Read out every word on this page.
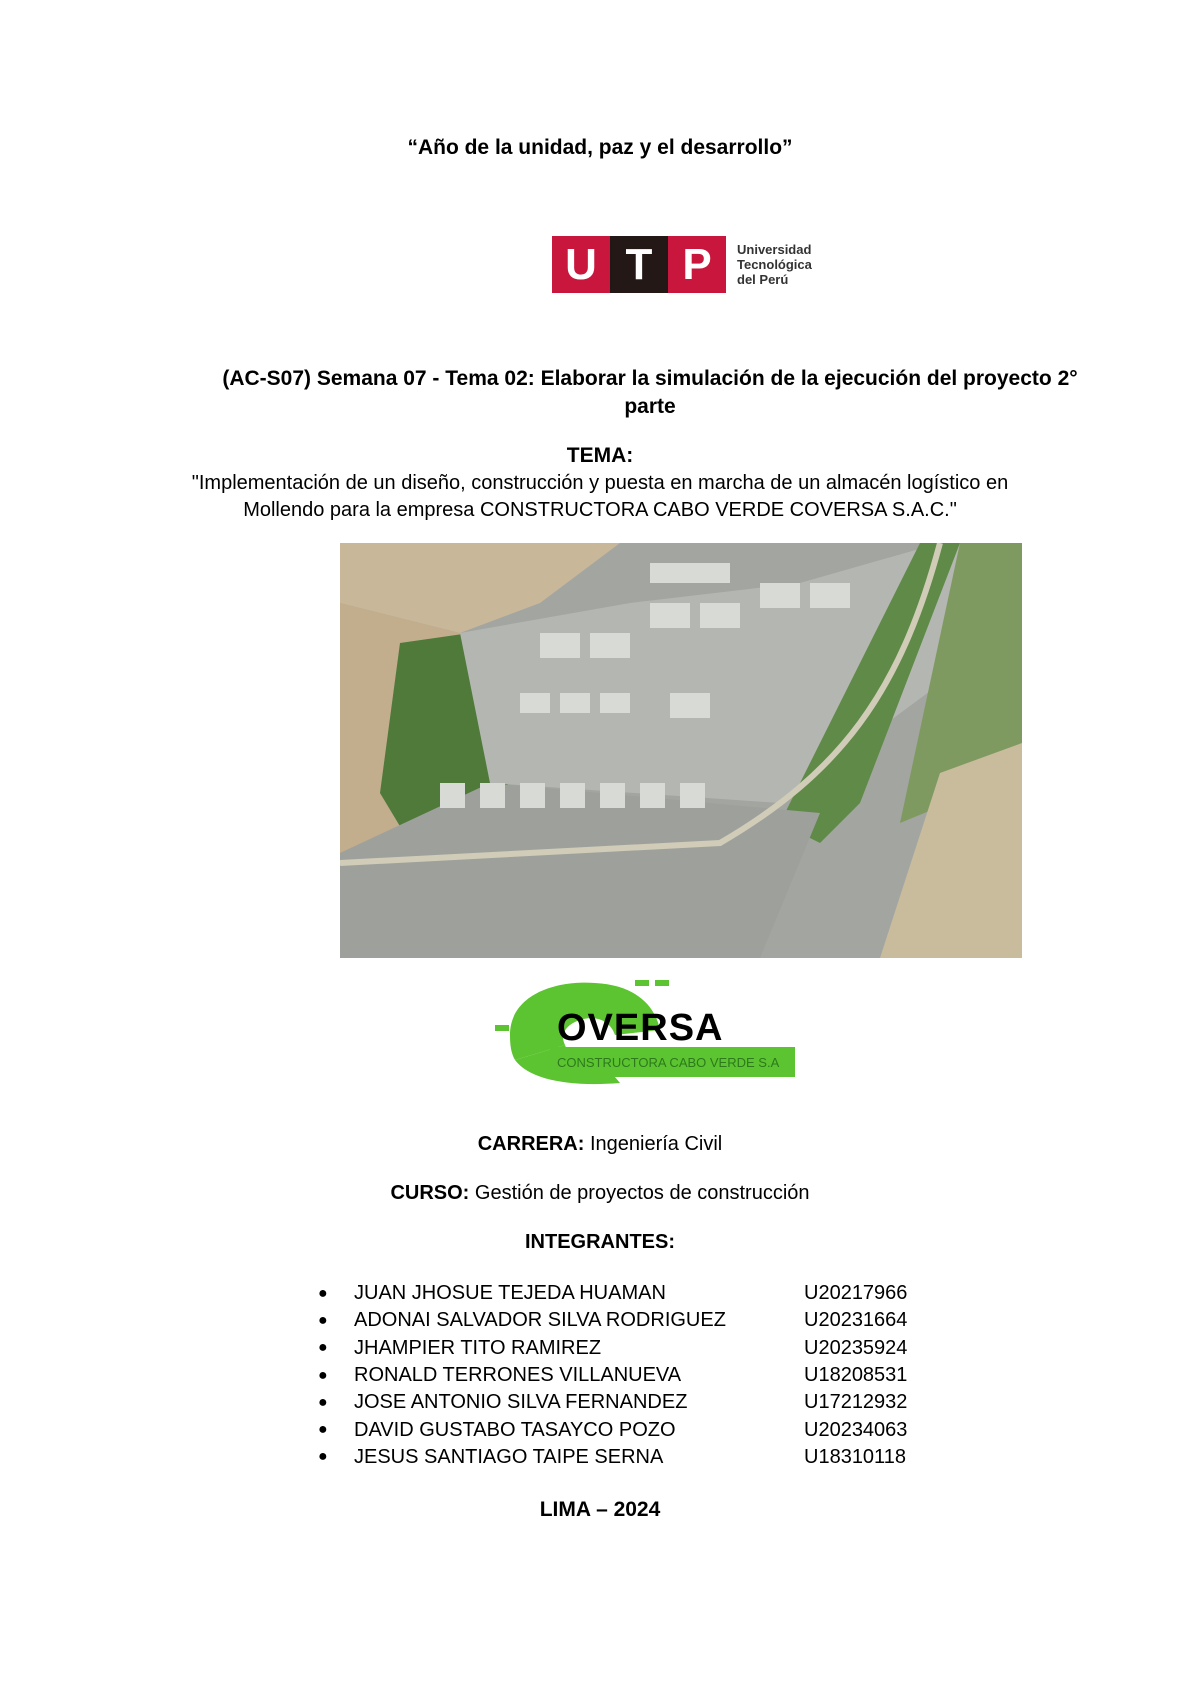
“Año de la unidad, paz y el desarrollo”
U T P	Universidad
Tecnológica
del Perú
(AC-S07) Semana 07 - Tema 02: Elaborar la simulación de la ejecución del proyecto 2° parte
TEMA:
"Implementación de un diseño, construcción y puesta en marcha de un almacén logístico en
Mollendo para la empresa CONSTRUCTORA CABO VERDE COVERSA S.A.C."
OVERSA
CONSTRUCTORA CABO VERDE S.A
CARRERA: Ingeniería Civil
CURSO: Gestión de proyectos de construcción
INTEGRANTES:
●	JUAN JHOSUE TEJEDA HUAMAN	U20217966
●	ADONAI SALVADOR SILVA RODRIGUEZ	U20231664
●	JHAMPIER TITO RAMIREZ	U20235924
●	RONALD TERRONES VILLANUEVA	U18208531
●	JOSE ANTONIO SILVA FERNANDEZ	U17212932
●	DAVID GUSTABO TASAYCO POZO	U20234063
●	JESUS SANTIAGO TAIPE SERNA	U18310118
LIMA – 2024
